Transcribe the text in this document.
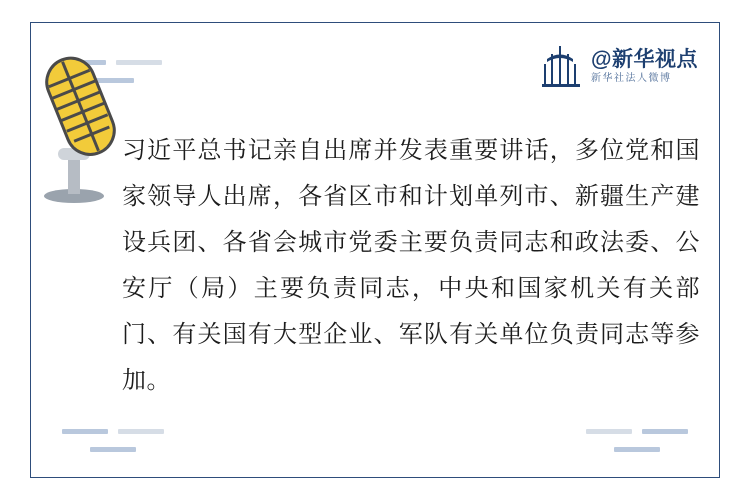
@新华视点
新华社法人微博
习近平总书记亲自出席并发表重要讲话，多位党和国家领导人出席，各省区市和计划单列市、新疆生产建设兵团、各省会城市党委主要负责同志和政法委、公安厅（局）主要负责同志，中央和国家机关有关部门、有关国有大型企业、军队有关单位负责同志等参加。
